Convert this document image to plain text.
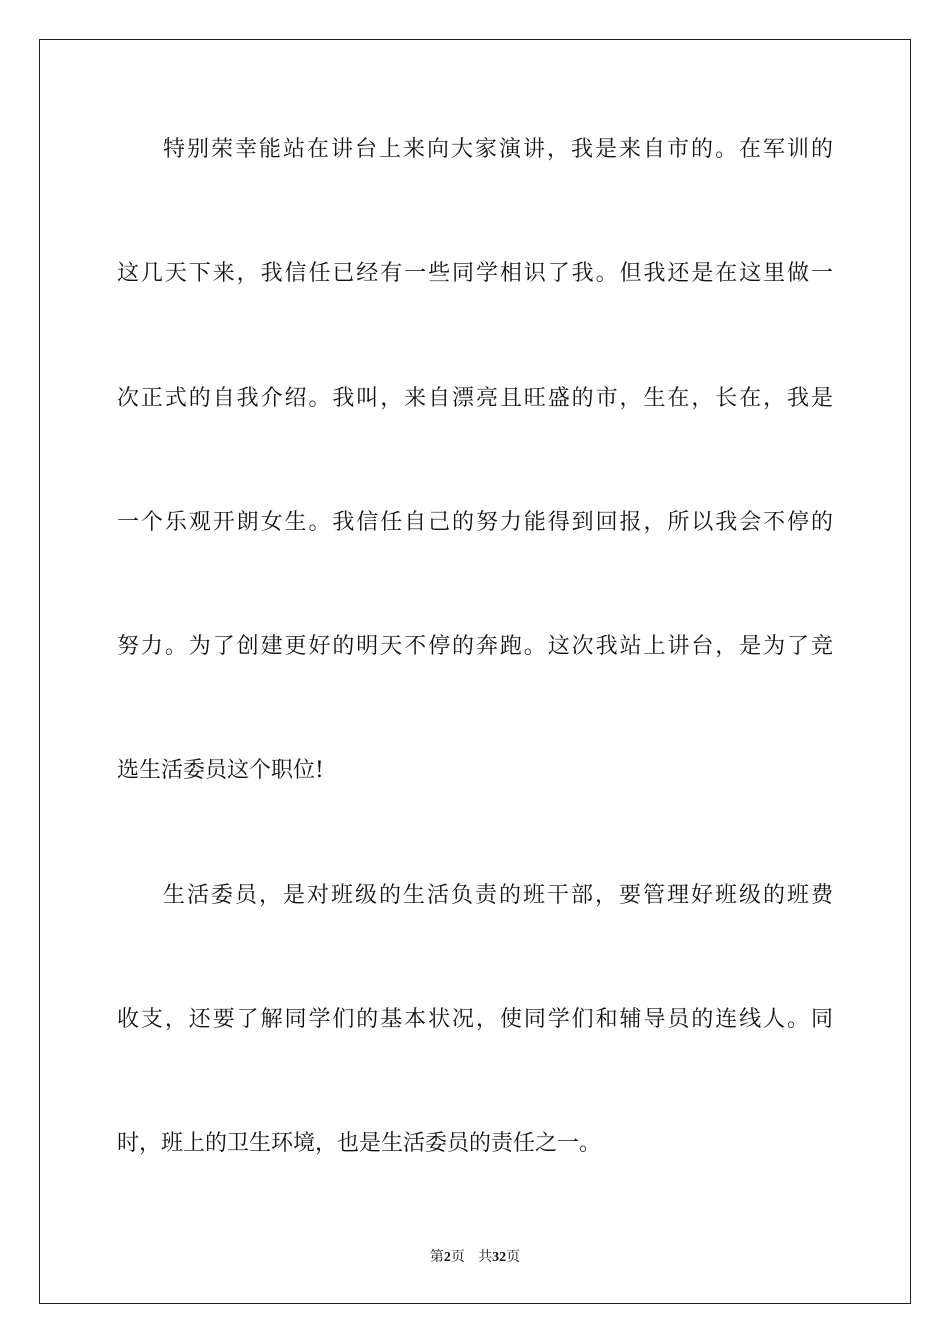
特别荣幸能站在讲台上来向大家演讲，我是来自市的。在军训的

这几天下来，我信任已经有一些同学相识了我。但我还是在这里做一

次正式的自我介绍。我叫，来自漂亮且旺盛的市，生在，长在，我是

一个乐观开朗女生。我信任自己的努力能得到回报，所以我会不停的

努力。为了创建更好的明天不停的奔跑。这次我站上讲台，是为了竞

选生活委员这个职位!

生活委员，是对班级的生活负责的班干部，要管理好班级的班费

收支，还要了解同学们的基本状况，使同学们和辅导员的连线人。同

时，班上的卫生环境，也是生活委员的责任之一。

第2页 共32页
